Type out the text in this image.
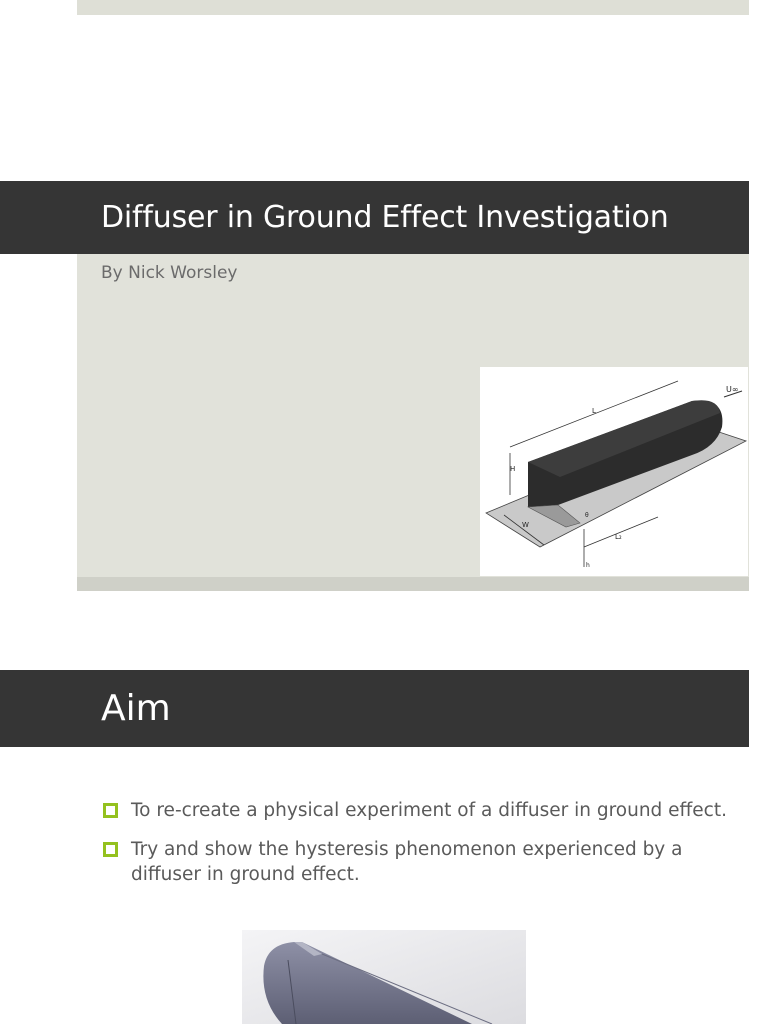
By Nick Worsley
Diffuser in Ground Effect Investigation
U∞
L
H
W
L₂
θ
h
Aim
To re-create a physical experiment of a diffuser in ground effect.
Try and show the hysteresis phenomenon experienced by a diffuser in ground effect.
